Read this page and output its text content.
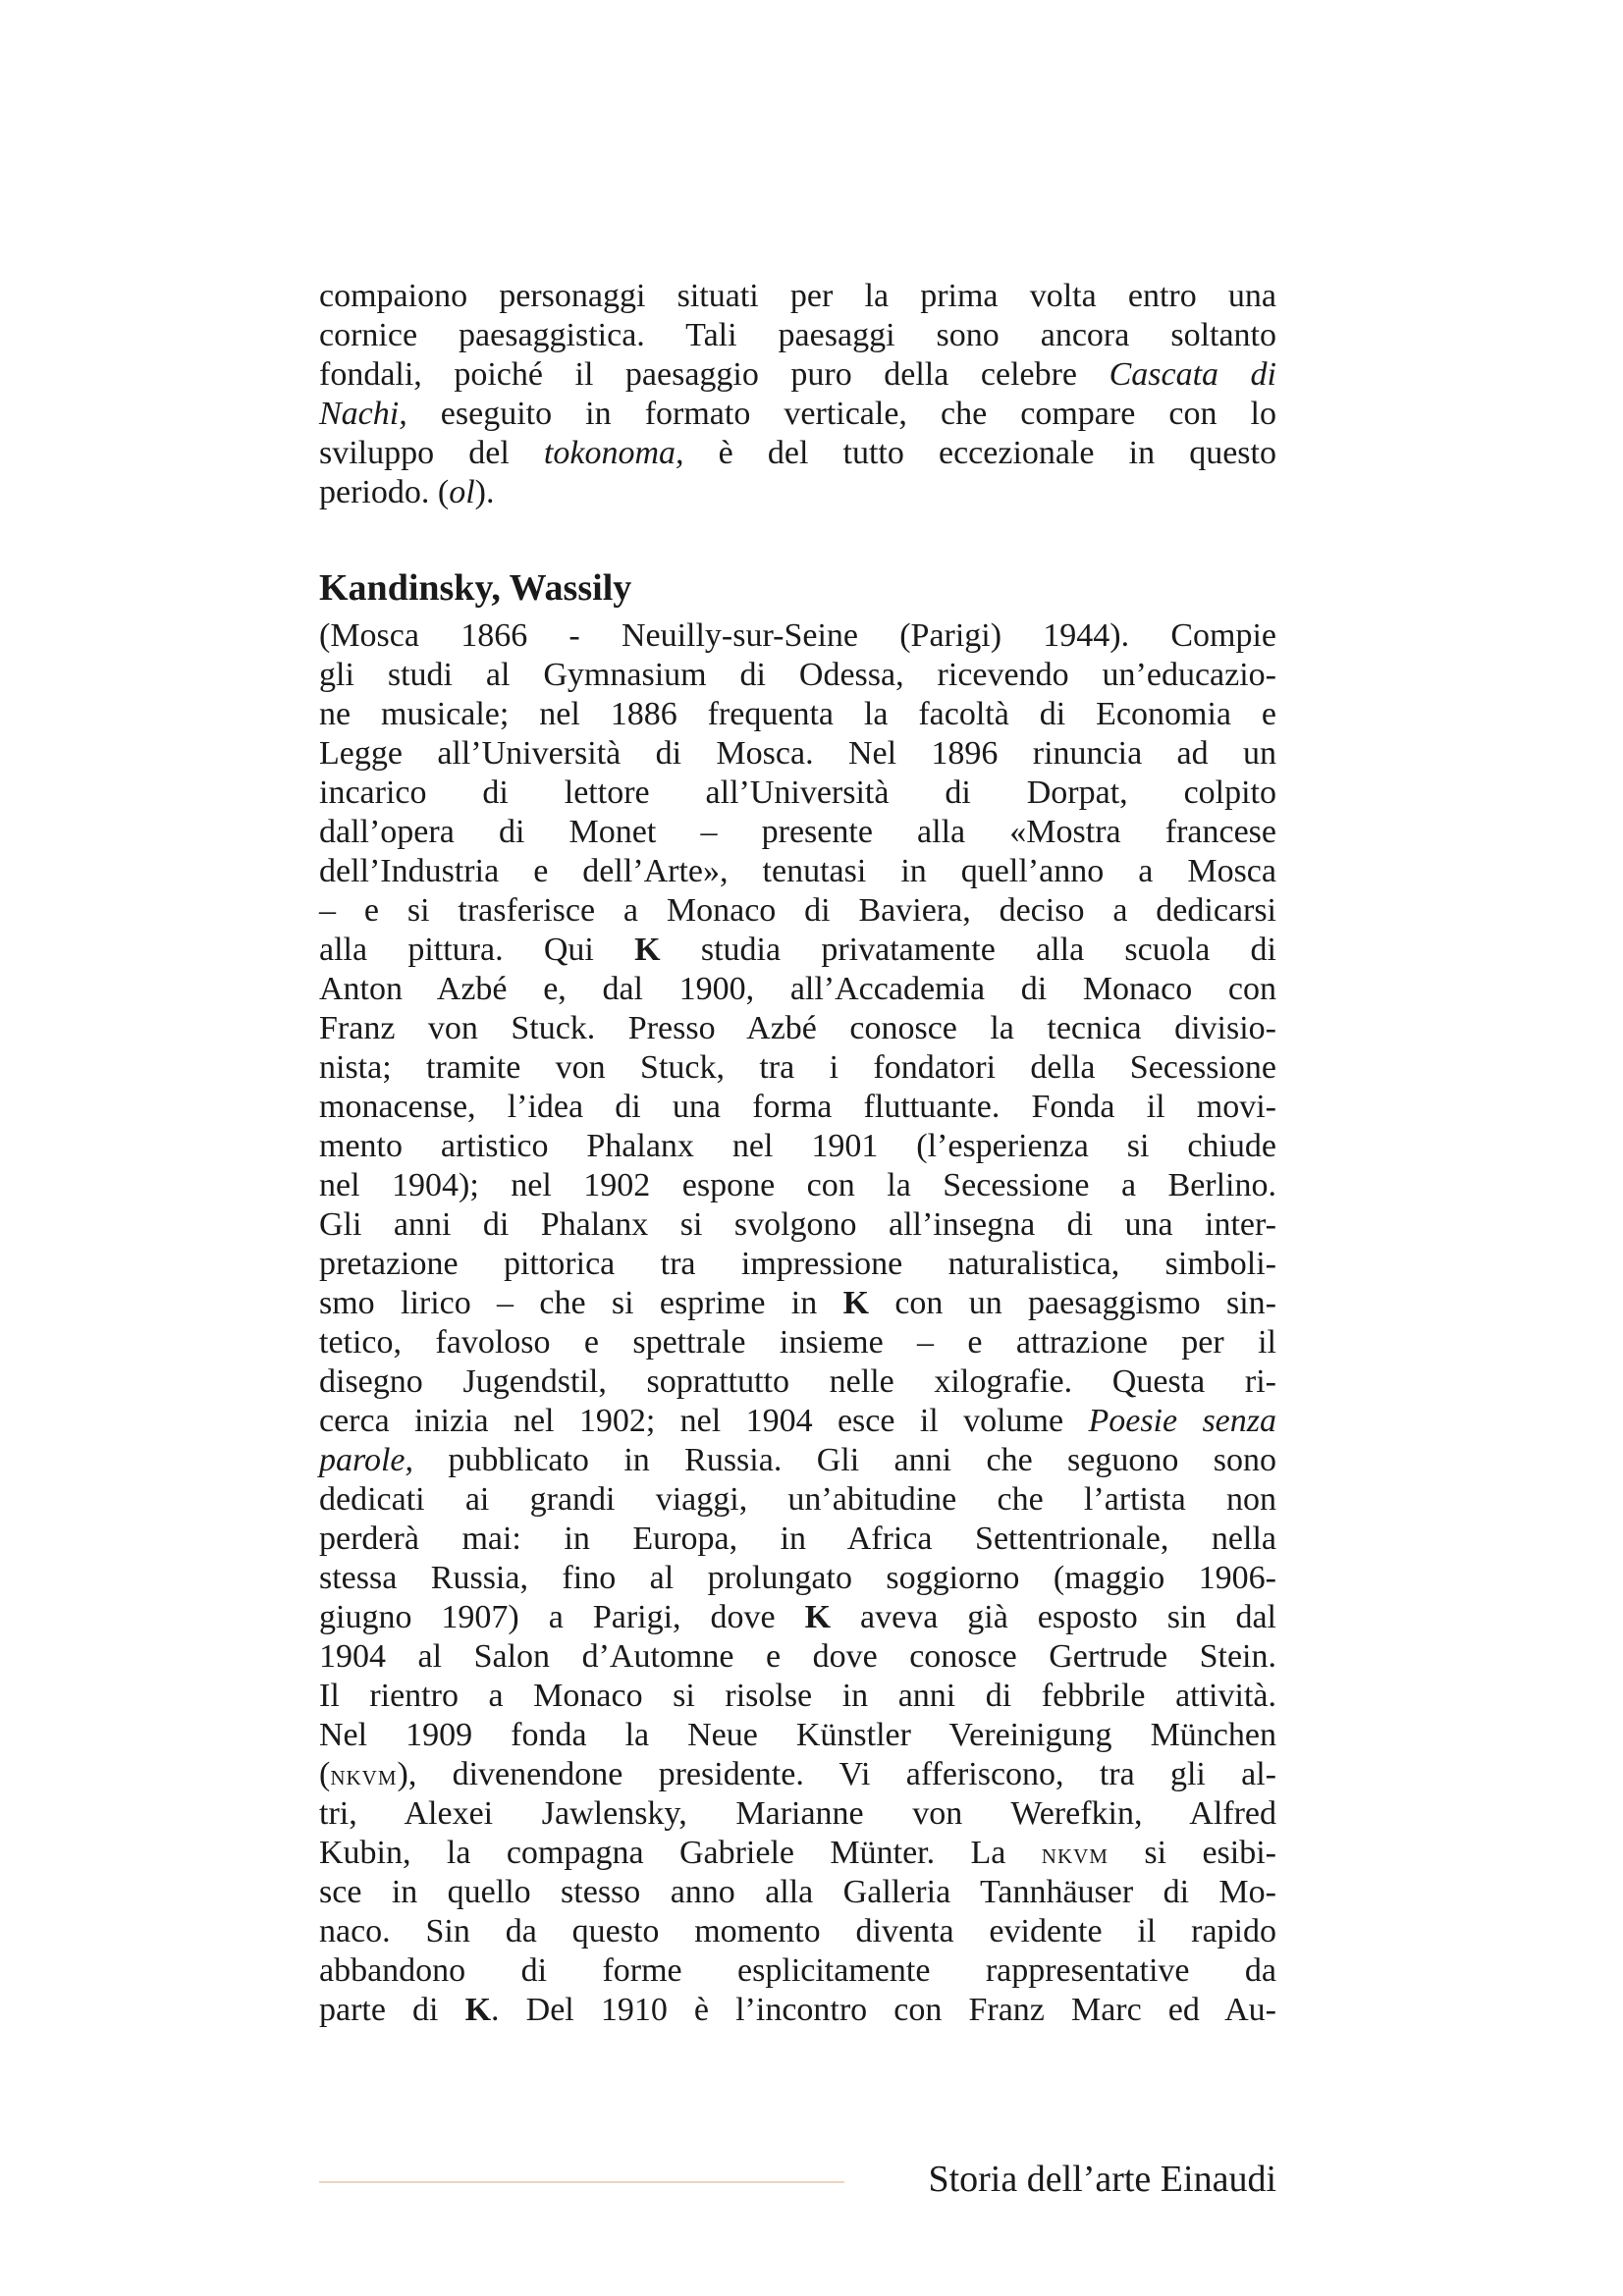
compaiono personaggi situati per la prima volta entro una
cornice paesaggistica. Tali paesaggi sono ancora soltanto
fondali, poiché il paesaggio puro della celebre Cascata di
Nachi, eseguito in formato verticale, che compare con lo
sviluppo del tokonoma, è del tutto eccezionale in questo
periodo. (ol).
Kandinsky, Wassily
(Mosca 1866 - Neuilly-sur-Seine (Parigi) 1944). Compie
gli studi al Gymnasium di Odessa, ricevendo un’educazio-
ne musicale; nel 1886 frequenta la facoltà di Economia e
Legge all’Università di Mosca. Nel 1896 rinuncia ad un
incarico di lettore all’Università di Dorpat, colpito
dall’opera di Monet – presente alla «Mostra francese
dell’Industria e dell’Arte», tenutasi in quell’anno a Mosca
– e si trasferisce a Monaco di Baviera, deciso a dedicarsi
alla pittura. Qui K studia privatamente alla scuola di
Anton Azbé e, dal 1900, all’Accademia di Monaco con
Franz von Stuck. Presso Azbé conosce la tecnica divisio-
nista; tramite von Stuck, tra i fondatori della Secessione
monacense, l’idea di una forma fluttuante. Fonda il movi-
mento artistico Phalanx nel 1901 (l’esperienza si chiude
nel 1904); nel 1902 espone con la Secessione a Berlino.
Gli anni di Phalanx si svolgono all’insegna di una inter-
pretazione pittorica tra impressione naturalistica, simboli-
smo lirico – che si esprime in K con un paesaggismo sin-
tetico, favoloso e spettrale insieme – e attrazione per il
disegno Jugendstil, soprattutto nelle xilografie. Questa ri-
cerca inizia nel 1902; nel 1904 esce il volume Poesie senza
parole, pubblicato in Russia. Gli anni che seguono sono
dedicati ai grandi viaggi, un’abitudine che l’artista non
perderà mai: in Europa, in Africa Settentrionale, nella
stessa Russia, fino al prolungato soggiorno (maggio 1906-
giugno 1907) a Parigi, dove K aveva già esposto sin dal
1904 al Salon d’Automne e dove conosce Gertrude Stein.
Il rientro a Monaco si risolse in anni di febbrile attività.
Nel 1909 fonda la Neue Künstler Vereinigung München
(nkvm), divenendone presidente. Vi afferiscono, tra gli al-
tri, Alexei Jawlensky, Marianne von Werefkin, Alfred
Kubin, la compagna Gabriele Münter. La nkvm si esibi-
sce in quello stesso anno alla Galleria Tannhäuser di Mo-
naco. Sin da questo momento diventa evidente il rapido
abbandono di forme esplicitamente rappresentative da
parte di K. Del 1910 è l’incontro con Franz Marc ed Au-
Storia dell’arte Einaudi
